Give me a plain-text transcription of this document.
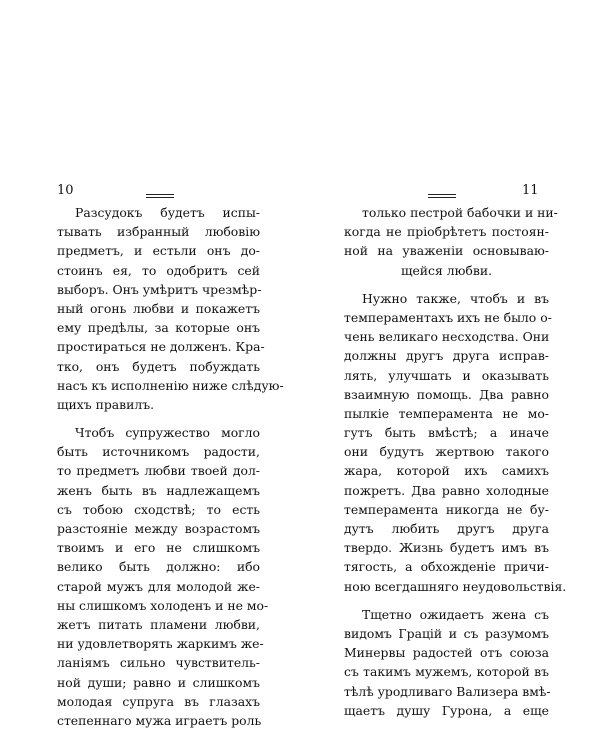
10
Разсудокъ будетъ испы-
тывать избранный любовію
предметъ, и естьли онъ до-
стоинъ ея, то одобритъ сей
выборъ. Онъ умѣритъ чрезмѣр-
ный огонь любви и покажетъ
ему предѣлы, за которые онъ
простираться не долженъ. Кра-
тко, онъ будетъ побуждать
насъ къ исполненію ниже слѣдую-
щихъ правилъ.
Чтобъ супружество могло
быть источникомъ радости,
то предметъ любви твоей дол-
женъ быть въ надлежащемъ
съ тобою сходствѣ; то есть
разстояніе между возрастомъ
твоимъ и его не слишкомъ
велико быть должно: ибо
старой мужъ для молодой же-
ны слишкомъ холоденъ и не мо-
жетъ питать пламени любви,
ни удовлетворять жаркимъ же-
ланіямъ сильно чувствитель-
ной души; равно и слишкомъ
молодая супруга въ глазахъ
степеннаго мужа играетъ роль
11
только пестрой бабочки и ни-
когда не пріобрѣтетъ постоян-
ной на уваженіи основываю-
щейся любви.
Нужно также, чтобъ и въ
темпераментахъ ихъ не было о-
чень великаго несходства. Они
должны другъ друга исправ-
лять, улучшать и оказывать
взаимную помощь. Два равно
пылкіе темперамента не мо-
гутъ быть вмѣстѣ; а иначе
они будутъ жертвою такого
жара, которой ихъ самихъ
пожретъ. Два равно холодные
темперамента никогда не бу-
дутъ любить другъ друга
твердо. Жизнь будетъ имъ въ
тягость, а обхожденіе причи-
ною всегдашняго неудовольствія.
Тщетно ожидаетъ жена съ
видомъ Грацій и съ разумомъ
Минервы радостей отъ союза
съ такимъ мужемъ, которой въ
тѣлѣ уродливаго Вализера вмѣ-
щаетъ душу Гурона, а еще
